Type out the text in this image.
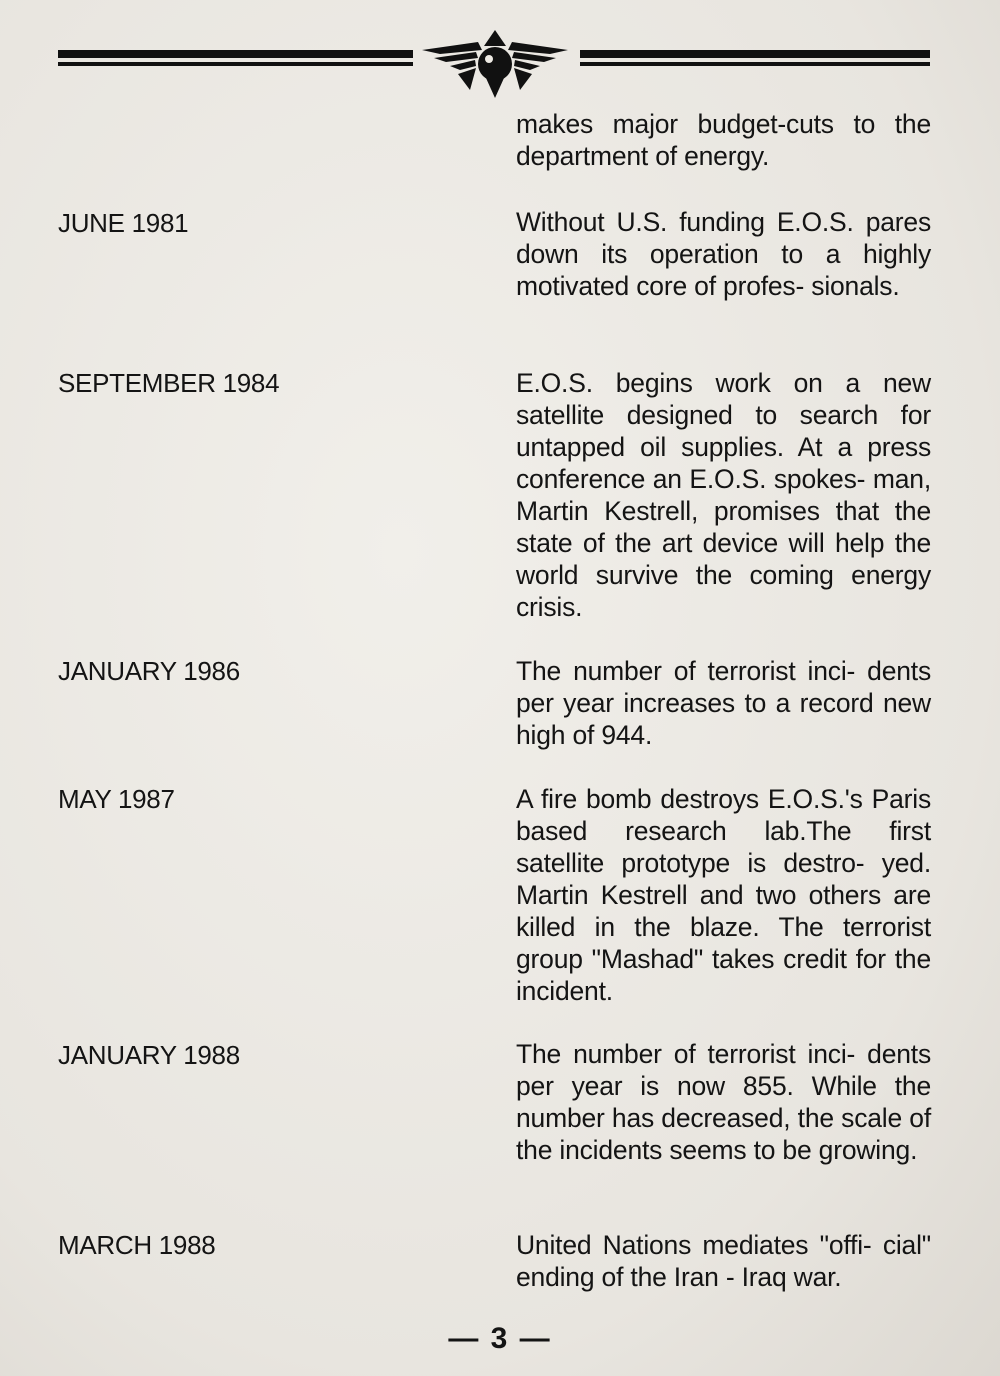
makes major budget-cuts to the department of energy.
JUNE 1981	Without U.S. funding E.O.S. pares down its operation to a highly motivated core of profes- sionals.
SEPTEMBER 1984	E.O.S. begins work on a new satellite designed to search for untapped oil supplies. At a press conference an E.O.S. spokes- man, Martin Kestrell, promises that the state of the art device will help the world survive the coming energy crisis.
JANUARY 1986	The number of terrorist inci- dents per year increases to a record new high of 944.
MAY 1987	A fire bomb destroys E.O.S.'s Paris based research lab.The first satellite prototype is destro- yed. Martin Kestrell and two others are killed in the blaze. The terrorist group "Mashad" takes credit for the incident.
JANUARY 1988	The number of terrorist inci- dents per year is now 855. While the number has decreased, the scale of the incidents seems to be growing.
MARCH 1988	United Nations mediates "offi- cial" ending of the Iran - Iraq war.
— 3 —
